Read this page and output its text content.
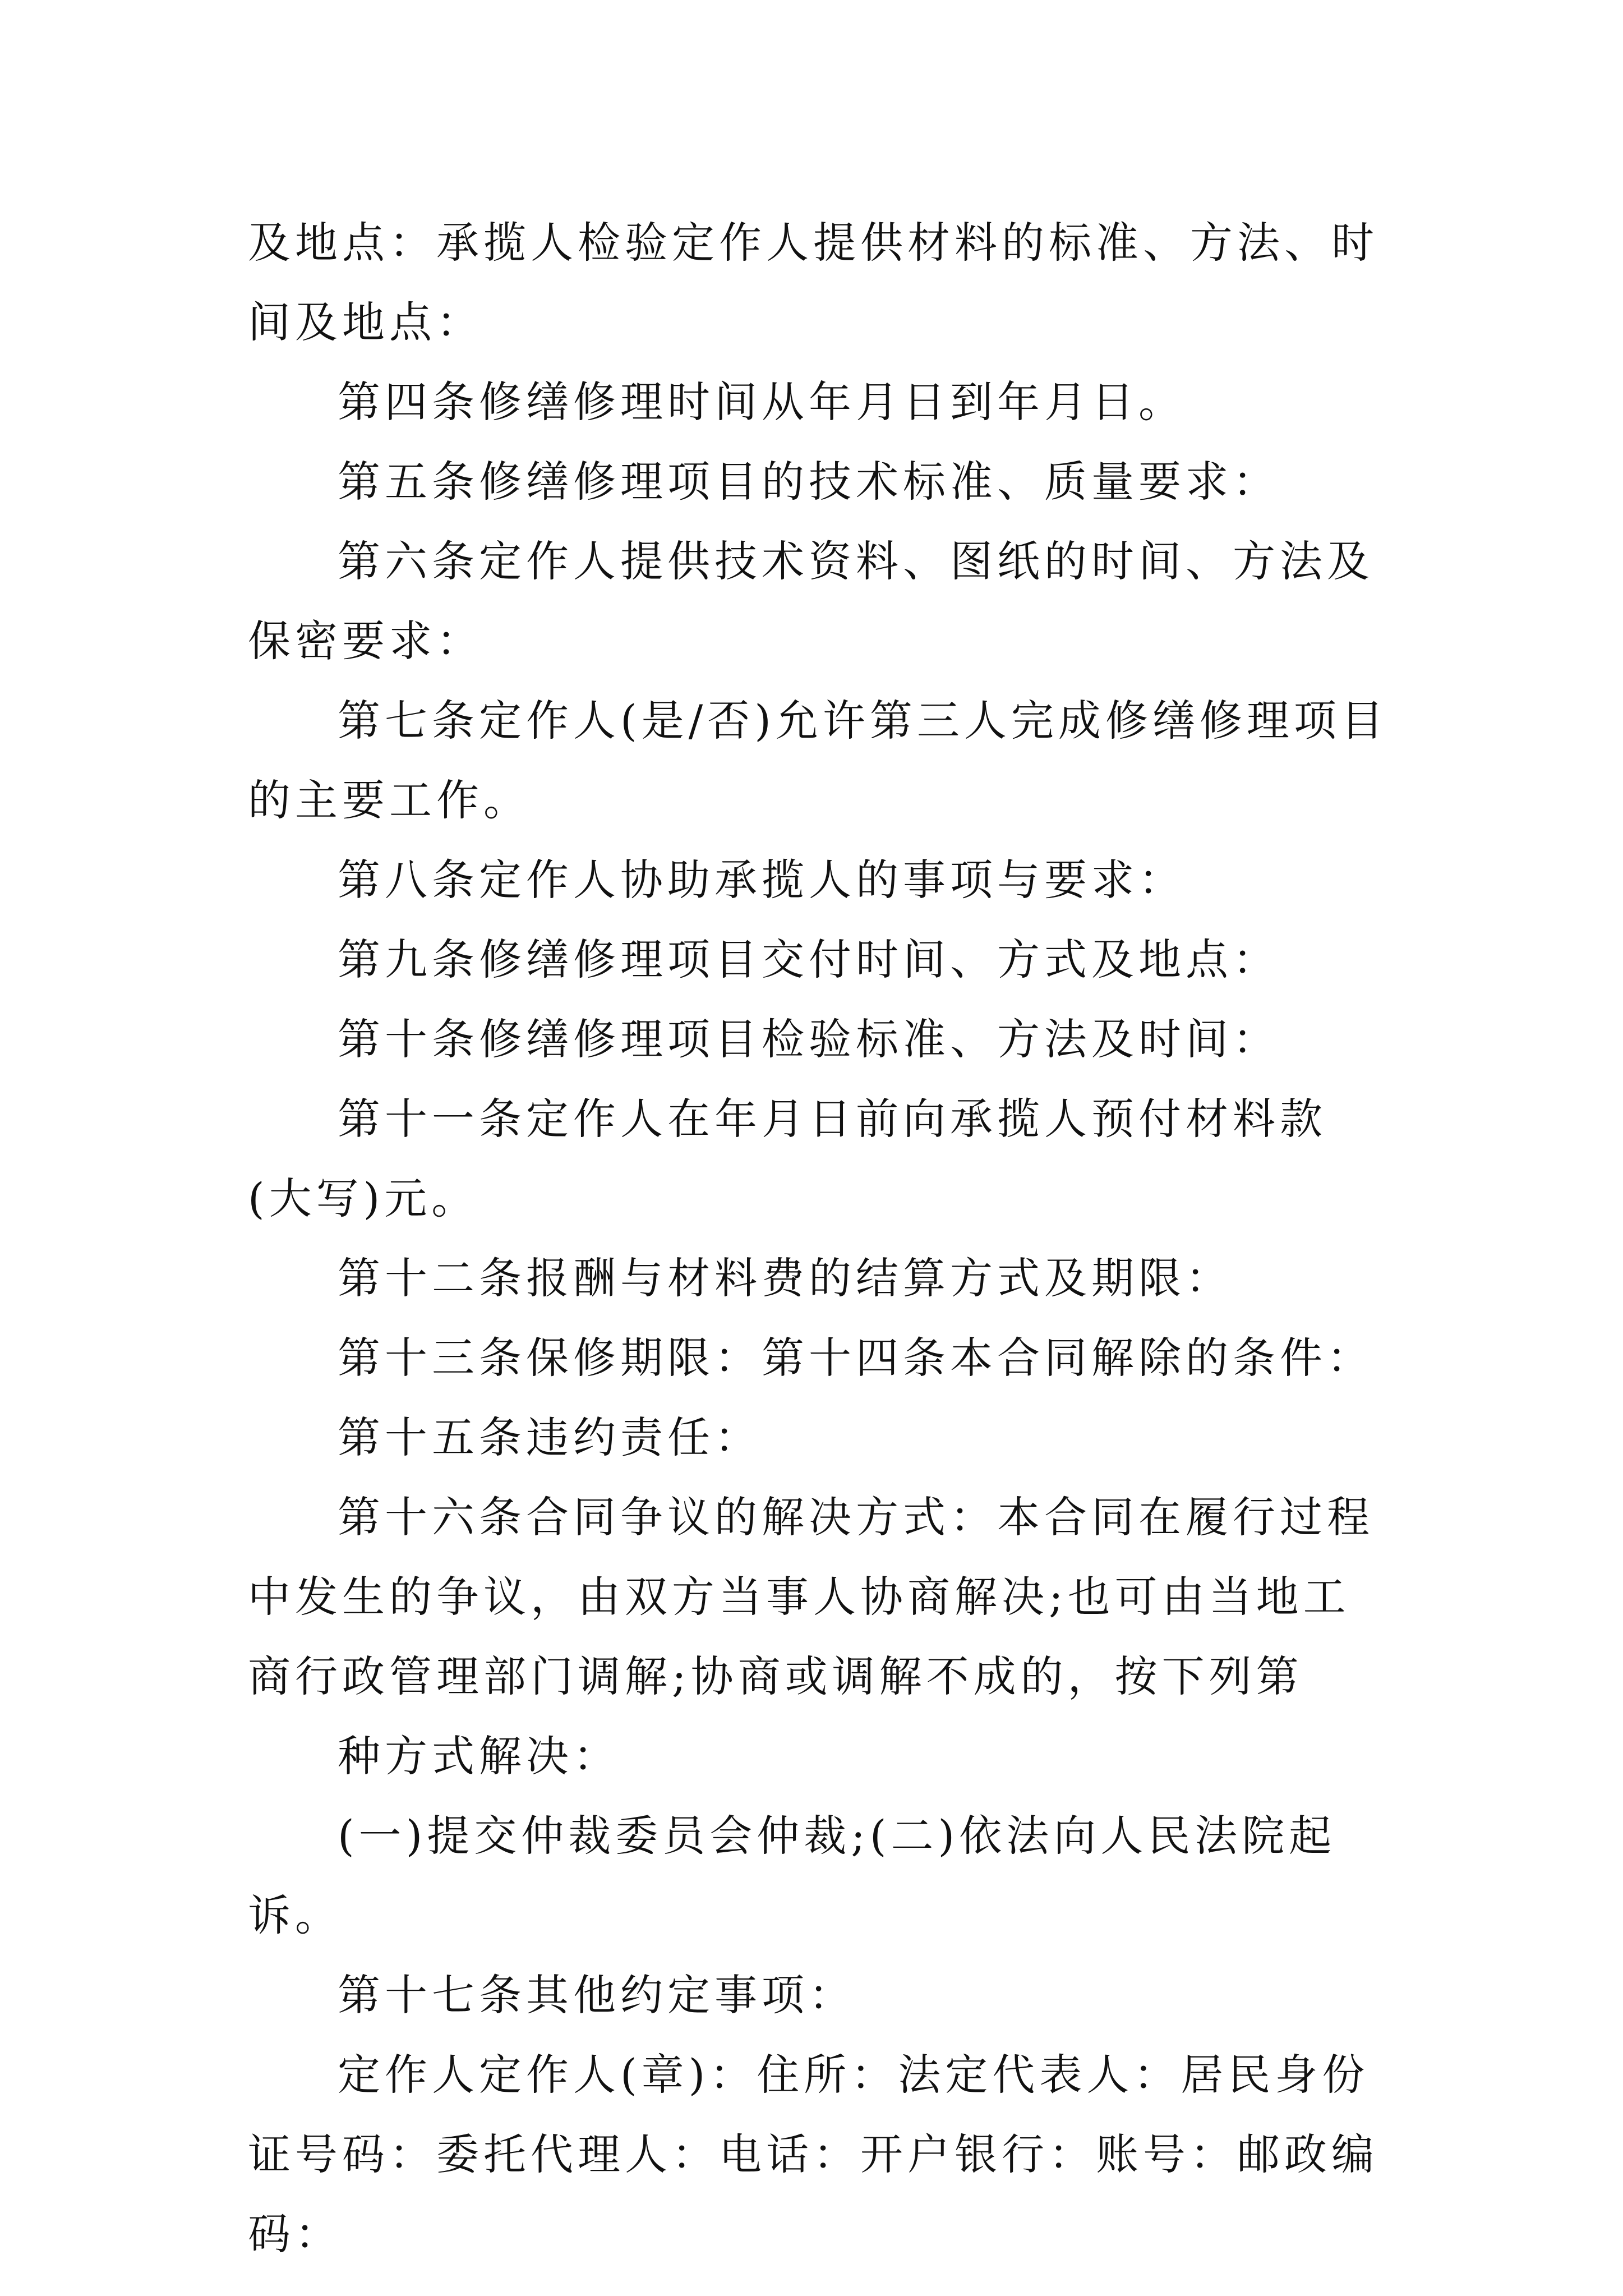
及地点：承揽人检验定作人提供材料的标准、方法、时间及地点：

第四条修缮修理时间从年月日到年月日。

第五条修缮修理项目的技术标准、质量要求：

第六条定作人提供技术资料、图纸的时间、方法及保密要求：

第七条定作人(是/否)允许第三人完成修缮修理项目的主要工作。

第八条定作人协助承揽人的事项与要求：

第九条修缮修理项目交付时间、方式及地点：

第十条修缮修理项目检验标准、方法及时间：

第十一条定作人在年月日前向承揽人预付材料款(大写)元。

第十二条报酬与材料费的结算方式及期限：

第十三条保修期限：第十四条本合同解除的条件：

第十五条违约责任：

第十六条合同争议的解决方式：本合同在履行过程中发生的争议，由双方当事人协商解决;也可由当地工商行政管理部门调解;协商或调解不成的，按下列第

种方式解决：

(一)提交仲裁委员会仲裁;(二)依法向人民法院起诉。

第十七条其他约定事项：

定作人定作人(章)：住所：法定代表人：居民身份证号码：委托代理人：电话：开户银行：账号：邮政编码：
